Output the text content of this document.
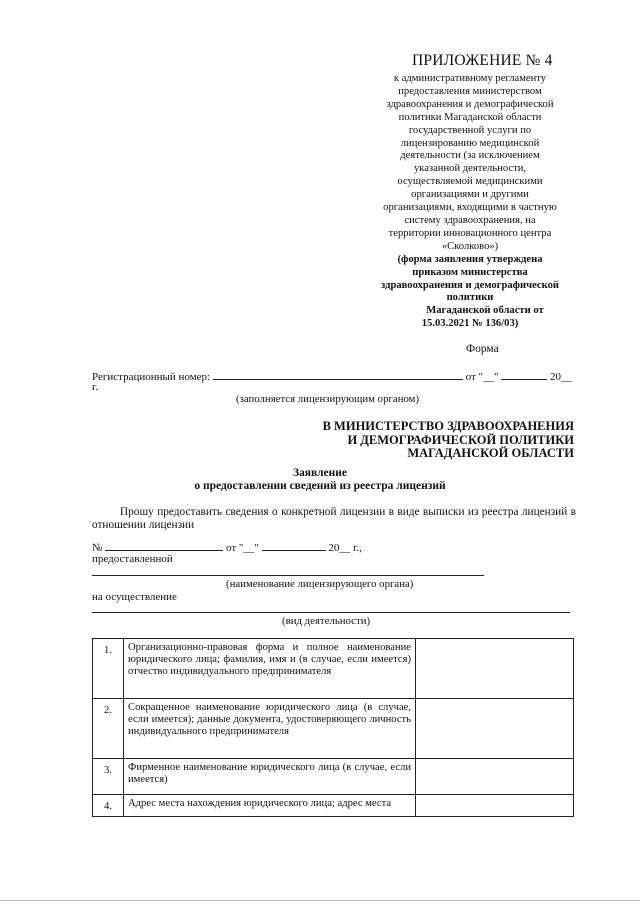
ПРИЛОЖЕНИЕ № 4
к административному регламенту
предоставления министерством
здравоохранения и демографической
политики Магаданской области
государственной услуги по
лицензированию медицинской
деятельности (за исключением
указанной деятельности,
осуществляемой медицинскими
организациями и другими
организациями, входящими в частную
систему здравоохранения, на
территории инновационного центра
«Сколково»)
(форма заявления утверждена
приказом министерства
здравоохранения и демографической
политики
Магаданской области от
15.03.2021 № 136/03)
Форма
Регистрационный номер:	от "__"	20__
г.
(заполняется лицензирующим органом)
В МИНИСТЕРСТВО ЗДРАВООХРАНЕНИЯ
И ДЕМОГРАФИЧЕСКОЙ ПОЛИТИКИ
МАГАДАНСКОЙ ОБЛАСТИ
Заявление
о предоставлении сведений из реестра лицензий
Прошу предоставить сведения о конкретной лицензии в виде выписки из реестра лицензий в отношении лицензии
№	от "__"	20__ г.,
предоставленной
(наименование лицензирующего органа)
на осуществление
(вид деятельности)
1.	Организационно-правовая форма и полное наименование юридического лица; фамилия, имя и (в случае, если имеется) отчество индивидуального предпринимателя	
2.	Сокращенное наименование юридического лица (в случае, если имеется); данные документа, удостоверяющего личность индивидуального предпринимателя	
3.	Фирменное наименование юридического лица (в случае, если имеется)	
4.	Адрес места нахождения юридического лица; адрес места	
